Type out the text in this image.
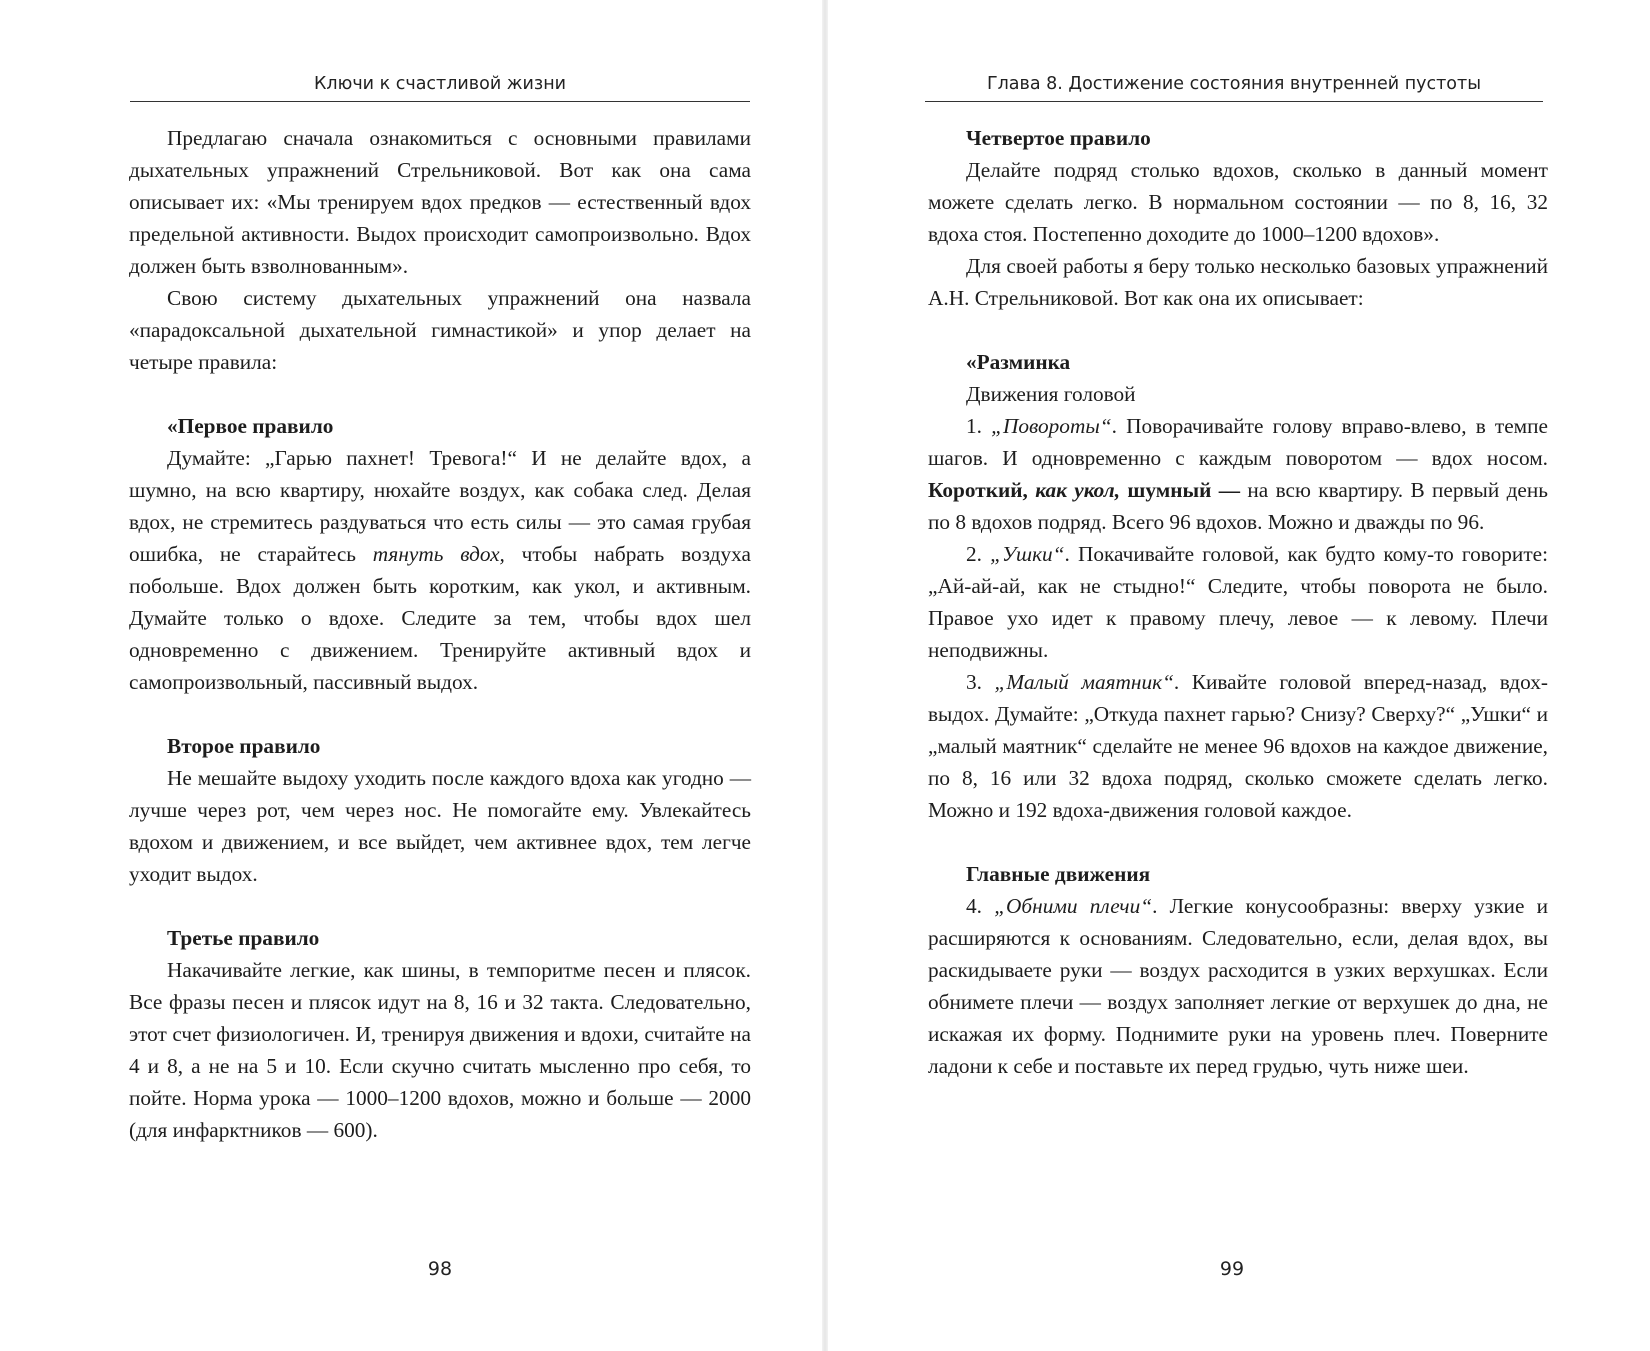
Ключи к счастливой жизни

Предлагаю сначала ознакомиться с основными правилами дыхательных упражнений Стрельниковой. Вот как она сама описывает их: «Мы тренируем вдох предков — естественный вдох предельной активности. Выдох происходит самопроизвольно. Вдох должен быть взволнованным».

Свою систему дыхательных упражнений она назвала «парадоксальной дыхательной гимнастикой» и упор делает на четыре правила:

«Первое правило

Думайте: „Гарью пахнет! Тревога!“ И не делайте вдох, а шумно, на всю квартиру, нюхайте воздух, как собака след. Делая вдох, не стремитесь раздуваться что есть силы — это самая грубая ошибка, не старайтесь тянуть вдох, чтобы набрать воздуха побольше. Вдох должен быть коротким, как укол, и активным. Думайте только о вдохе. Следите за тем, чтобы вдох шел одновременно с движением. Тренируйте активный вдох и самопроизвольный, пассивный выдох.

Второе правило

Не мешайте выдоху уходить после каждого вдоха как угодно — лучше через рот, чем через нос. Не помогайте ему. Увлекайтесь вдохом и движением, и все выйдет, чем активнее вдох, тем легче уходит выдох.

Третье правило

Накачивайте легкие, как шины, в темпоритме песен и плясок. Все фразы песен и плясок идут на 8, 16 и 32 такта. Следовательно, этот счет физиологичен. И, тренируя движения и вдохи, считайте на 4 и 8, а не на 5 и 10. Если скучно считать мысленно про себя, то пойте. Норма урока — 1000–1200 вдохов, можно и больше — 2000 (для инфарктников — 600).

98
Глава 8. Достижение состояния внутренней пустоты

Четвертое правило

Делайте подряд столько вдохов, сколько в данный момент можете сделать легко. В нормальном состоянии — по 8, 16, 32 вдоха стоя. Постепенно доходите до 1000–1200 вдохов».

Для своей работы я беру только несколько базовых упражнений А.Н. Стрельниковой. Вот как она их описывает:

«Разминка

Движения головой

1. „Повороты“. Поворачивайте голову вправо-влево, в темпе шагов. И одновременно с каждым поворотом — вдох носом. Короткий, как укол, шумный — на всю квартиру. В первый день по 8 вдохов подряд. Всего 96 вдохов. Можно и дважды по 96.

2. „Ушки“. Покачивайте головой, как будто кому-то говорите: „Ай-ай-ай, как не стыдно!“ Следите, чтобы поворота не было. Правое ухо идет к правому плечу, левое — к левому. Плечи неподвижны.

3. „Малый маятник“. Кивайте головой вперед-назад, вдох-выдох. Думайте: „Откуда пахнет гарью? Снизу? Сверху?“ „Ушки“ и „малый маятник“ сделайте не менее 96 вдохов на каждое движение, по 8, 16 или 32 вдоха подряд, сколько сможете сделать легко. Можно и 192 вдоха-движения головой каждое.

Главные движения

4. „Обними плечи“. Легкие конусообразны: вверху узкие и расширяются к основаниям. Следовательно, если, делая вдох, вы раскидываете руки — воздух расходится в узких верхушках. Если обнимете плечи — воздух заполняет легкие от верхушек до дна, не искажая их форму. Поднимите руки на уровень плеч. Поверните ладони к себе и поставьте их перед грудью, чуть ниже шеи.

99
